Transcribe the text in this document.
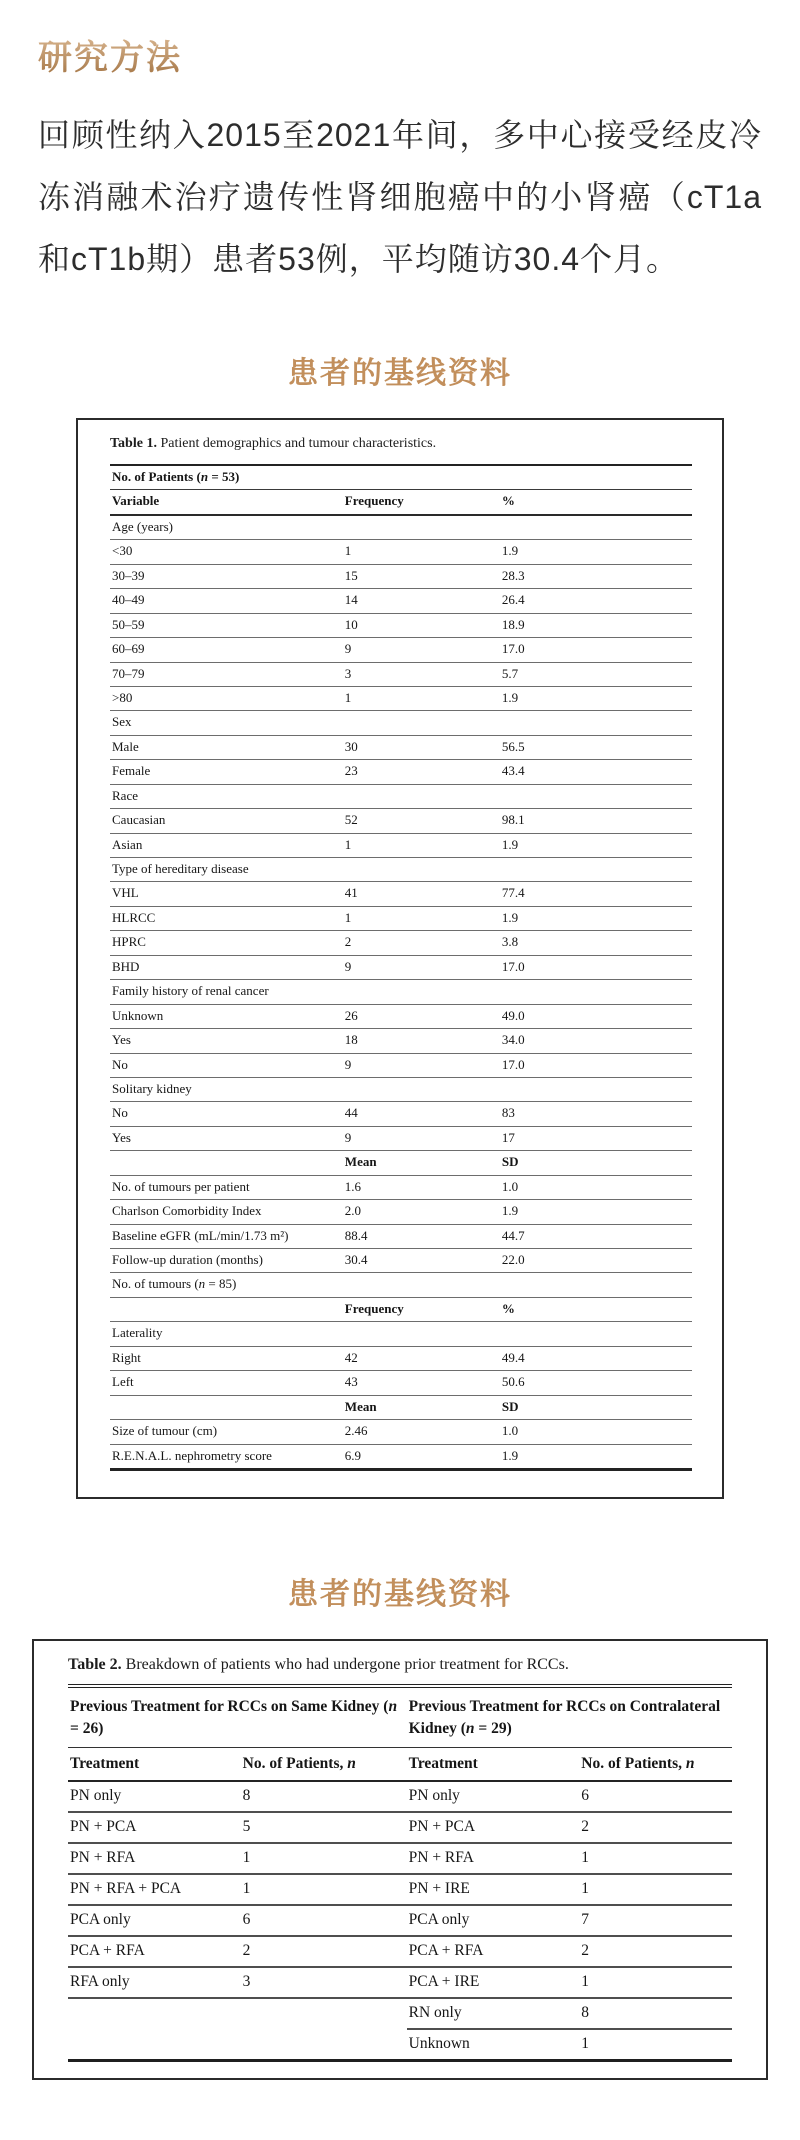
研究方法

回顾性纳入2015至2021年间，多中心接受经皮冷冻消融术治疗遗传性肾细胞癌中的小肾癌（cT1a和cT1b期）患者53例，平均随访30.4个月。

患者的基线资料

Table 1. Patient demographics and tumour characteristics.

No. of Patients (n = 53)		
Variable	Frequency	%
Age (years)		
<30	1	1.9
30–39	15	28.3
40–49	14	26.4
50–59	10	18.9
60–69	9	17.0
70–79	3	5.7
>80	1	1.9
Sex		
Male	30	56.5
Female	23	43.4
Race		
Caucasian	52	98.1
Asian	1	1.9
Type of hereditary disease		
VHL	41	77.4
HLRCC	1	1.9
HPRC	2	3.8
BHD	9	17.0
Family history of renal cancer		
Unknown	26	49.0
Yes	18	34.0
No	9	17.0
Solitary kidney		
No	44	83
Yes	9	17
	Mean	SD
No. of tumours per patient	1.6	1.0
Charlson Comorbidity Index	2.0	1.9
Baseline eGFR (mL/min/1.73 m²)	88.4	44.7
Follow-up duration (months)	30.4	22.0
No. of tumours (n = 85)		
	Frequency	%
Laterality		
Right	42	49.4
Left	43	50.6
	Mean	SD
Size of tumour (cm)	2.46	1.0
R.E.N.A.L. nephrometry score	6.9	1.9
患者的基线资料

Table 2. Breakdown of patients who had undergone prior treatment for RCCs.

Previous Treatment for RCCs on Same Kidney (n = 26)		Previous Treatment for RCCs on Contralateral Kidney (n = 29)	
Treatment	No. of Patients, n	Treatment	No. of Patients, n
PN only	8	PN only	6
PN + PCA	5	PN + PCA	2
PN + RFA	1	PN + RFA	1
PN + RFA + PCA	1	PN + IRE	1
PCA only	6	PCA only	7
PCA + RFA	2	PCA + RFA	2
RFA only	3	PCA + IRE	1
		RN only	8
		Unknown	1
